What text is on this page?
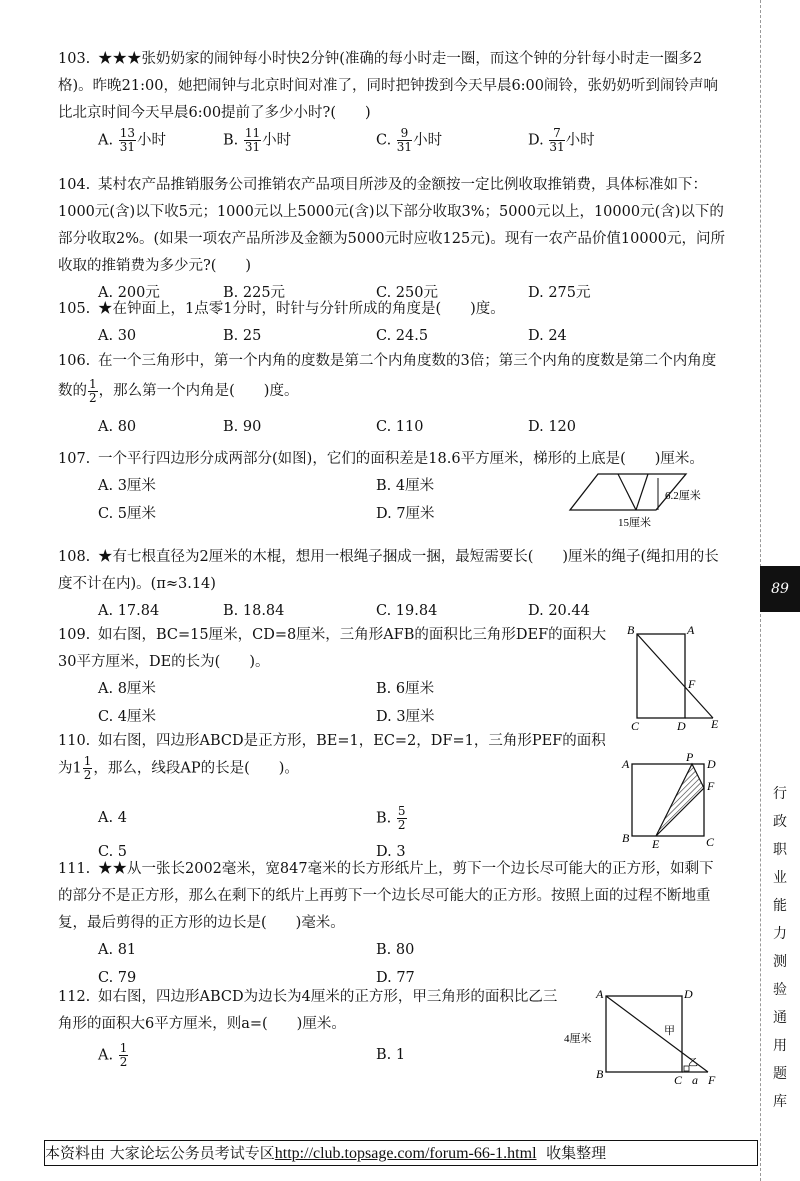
103. ★★★张奶奶家的闹钟每小时快2分钟(准确的每小时走一圈，而这个钟的分针每小时走一圈多2格)。昨晚21:00，她把闹钟与北京时间对准了，同时把钟拨到今天早晨6:00闹铃，张奶奶听到闹铃声响比北京时间今天早晨6:00提前了多少小时?(　　)
A. $\frac{13}{31}$ 小时	B. $\frac{11}{31}$ 小时	C. $\frac{9}{31}$ 小时	D. $\frac{7}{31}$ 小时
104. 某村农产品推销服务公司推销农产品项目所涉及的金额按一定比例收取推销费，具体标准如下：1000元(含)以下收5元；1000元以上5000元(含)以下部分收取3%；5000元以上，10000元(含)以下的部分收取2%。(如果一项农产品所涉及金额为5000元时应收125元)。现有一农产品价值10000元，问所收取的推销费为多少元?(　　)
A. 200元	B. 225元	C. 250元	D. 275元
105. ★在钟面上，1点零1分时，时针与分针所成的角度是(　　)度。
A. 30	B. 25	C. 24.5	D. 24
106. 在一个三角形中，第一个内角的度数是第二个内角度数的3倍；第三个内角的度数是第二个内角度数的 $\frac{1}{2}$ ，那么第一个内角是(　　)度。
A. 80	B. 90	C. 110	D. 120
107. 一个平行四边形分成两部分(如图)，它们的面积差是18.6平方厘米，梯形的上底是(　　)厘米。
A. 3厘米	B. 4厘米
C. 5厘米	D. 7厘米
6.2厘米
15厘米
108. ★有七根直径为2厘米的木棍，想用一根绳子捆成一捆，最短需要长(　　)厘米的绳子(绳扣用的长度不计在内)。(π≈3.14)
A. 17.84	B. 18.84	C. 19.84	D. 20.44
109. 如右图，BC=15厘米，CD=8厘米，三角形AFB的面积比三角形DEF的面积大30平方厘米，DE的长为(　　)。
A. 8厘米	B. 6厘米
C. 4厘米	D. 3厘米
B	A
F
C	D E
110. 如右图，四边形ABCD是正方形，BE=1，EC=2，DF=1，三角形PEF的面积为$1 \frac{1}{2}$ ，那么，线段AP的长是(　　)。
A. 4	B. $\frac{5}{2}$
C. 5	D. 3
A	P D
F
B E	C
111. ★★从一张长2002毫米，宽847毫米的长方形纸片上，剪下一个边长尽可能大的正方形，如剩下的部分不是正方形，那么在剩下的纸片上再剪下一个边长尽可能大的正方形。按照上面的过程不断地重复，最后剪得的正方形的边长是(　　)毫米。
A. 81	B. 80
C. 79	D. 77
112. 如右图，四边形ABCD为边长为4厘米的正方形，甲三角形的面积比乙三角形的面积大6平方厘米，则a=(　　)厘米。
A. $\frac{1}{2}$	B. 1
A	D
甲
4厘米
乙
B	C a F
89
行
政
职
业
能
力
测
验
通
用
题
库
本资料由 大家论坛公务员考试专区http://club.topsage.com/forum-66-1.html 收集整理
